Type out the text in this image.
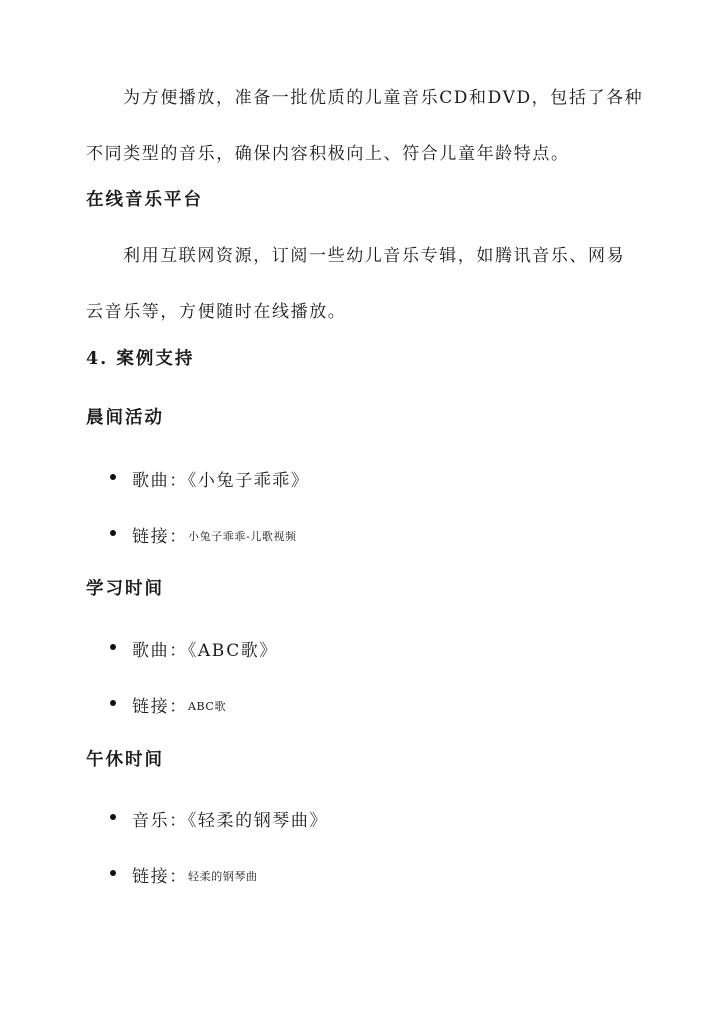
为方便播放，准备一批优质的儿童音乐CD和DVD，包括了各种
不同类型的音乐，确保内容积极向上、符合儿童年龄特点。

在线音乐平台

利用互联网资源，订阅一些幼儿音乐专辑，如腾讯音乐、网易
云音乐等，方便随时在线播放。

4. 案例支持
晨间活动
歌曲：《小兔子乖乖》
链接： 小兔子乖乖-儿歌视频
学习时间
歌曲：《ABC歌》
链接： ABC歌
午休时间
音乐：《轻柔的钢琴曲》
链接： 轻柔的钢琴曲
